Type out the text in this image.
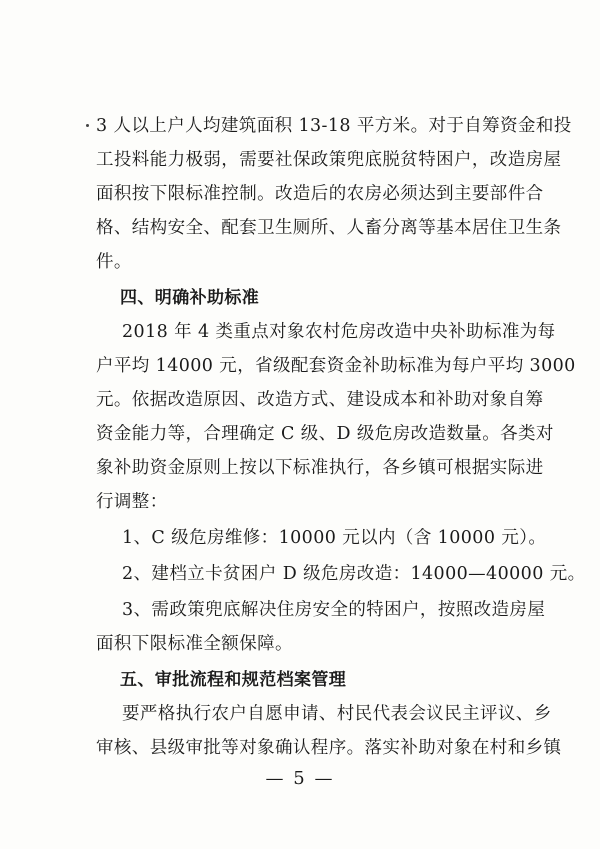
3 人以上户人均建筑面积 13-18 平方米。对于自筹资金和投
工投料能力极弱，需要社保政策兜底脱贫特困户，改造房屋
面积按下限标准控制。改造后的农房必须达到主要部件合
格、结构安全、配套卫生厕所、人畜分离等基本居住卫生条
件。
四、明确补助标准
2018 年 4 类重点对象农村危房改造中央补助标准为每
户平均 14000 元，省级配套资金补助标准为每户平均 3000
元。依据改造原因、改造方式、建设成本和补助对象自筹
资金能力等，合理确定 C 级、D 级危房改造数量。各类对
象补助资金原则上按以下标准执行，各乡镇可根据实际进
行调整：
1、C 级危房维修：10000 元以内（含 10000 元）。
2、建档立卡贫困户 D 级危房改造：14000—40000 元。
3、需政策兜底解决住房安全的特困户，按照改造房屋
面积下限标准全额保障。
五、审批流程和规范档案管理
要严格执行农户自愿申请、村民代表会议民主评议、乡
审核、县级审批等对象确认程序。落实补助对象在村和乡镇
— 5 —
